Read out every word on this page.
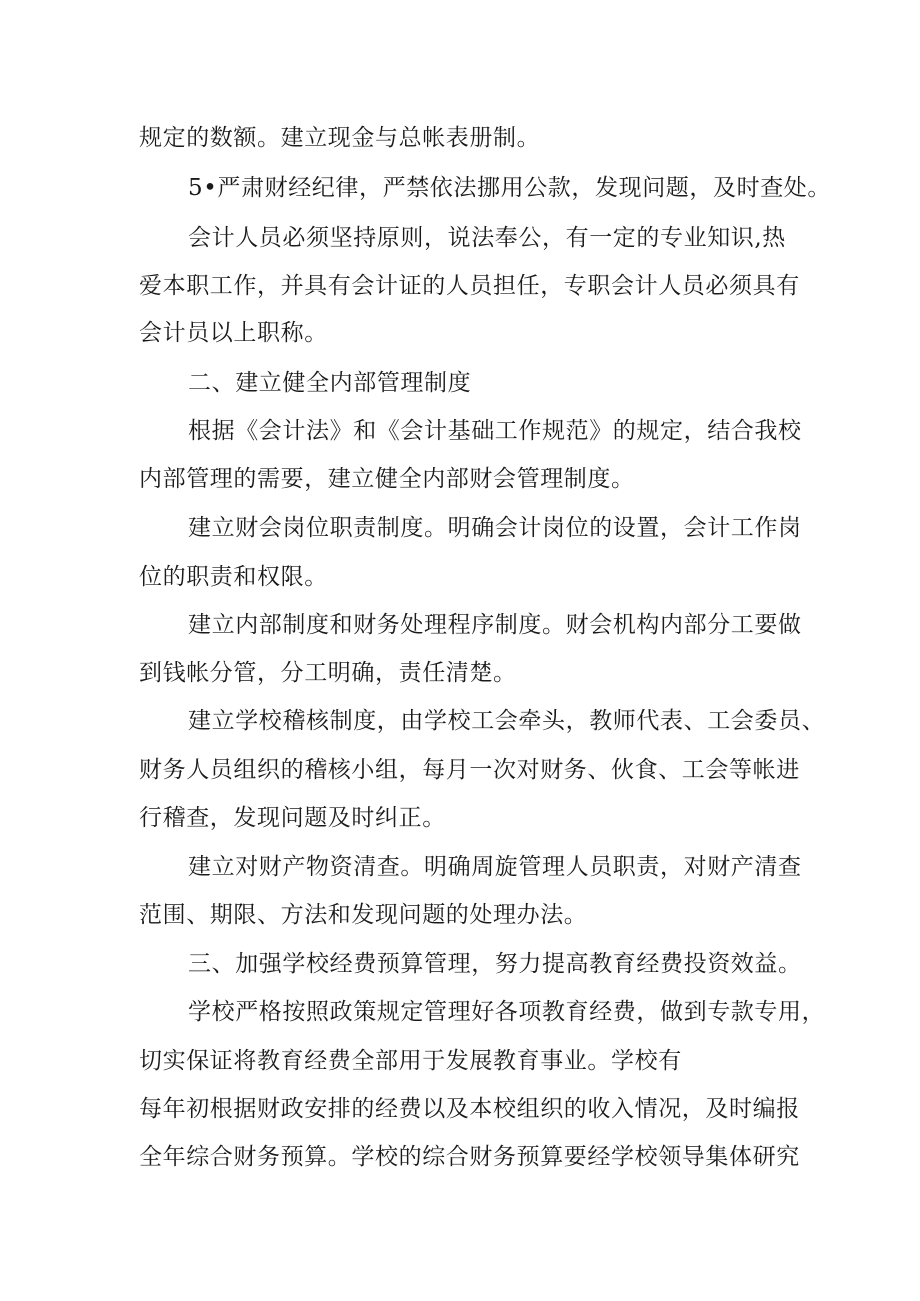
规定的数额。建立现金与总帐表册制。
5•严肃财经纪律，严禁依法挪用公款，发现问题，及时查处。
会计人员必须坚持原则，说法奉公，有一定的专业知识,热
爱本职工作，并具有会计证的人员担任，专职会计人员必须具有
会计员以上职称。
二、建立健全内部管理制度
根据《会计法》和《会计基础工作规范》的规定，结合我校
内部管理的需要，建立健全内部财会管理制度。
建立财会岗位职责制度。明确会计岗位的设置，会计工作岗
位的职责和权限。
建立内部制度和财务处理程序制度。财会机构内部分工要做
到钱帐分管，分工明确，责任清楚。
建立学校稽核制度，由学校工会牵头，教师代表、工会委员、
财务人员组织的稽核小组，每月一次对财务、伙食、工会等帐进
行稽查，发现问题及时纠正。
建立对财产物资清查。明确周旋管理人员职责，对财产清查
范围、期限、方法和发现问题的处理办法。
三、加强学校经费预算管理，努力提高教育经费投资效益。
学校严格按照政策规定管理好各项教育经费，做到专款专用，
切实保证将教育经费全部用于发展教育事业。学校有
每年初根据财政安排的经费以及本校组织的收入情况，及时编报
全年综合财务预算。学校的综合财务预算要经学校领导集体研究
